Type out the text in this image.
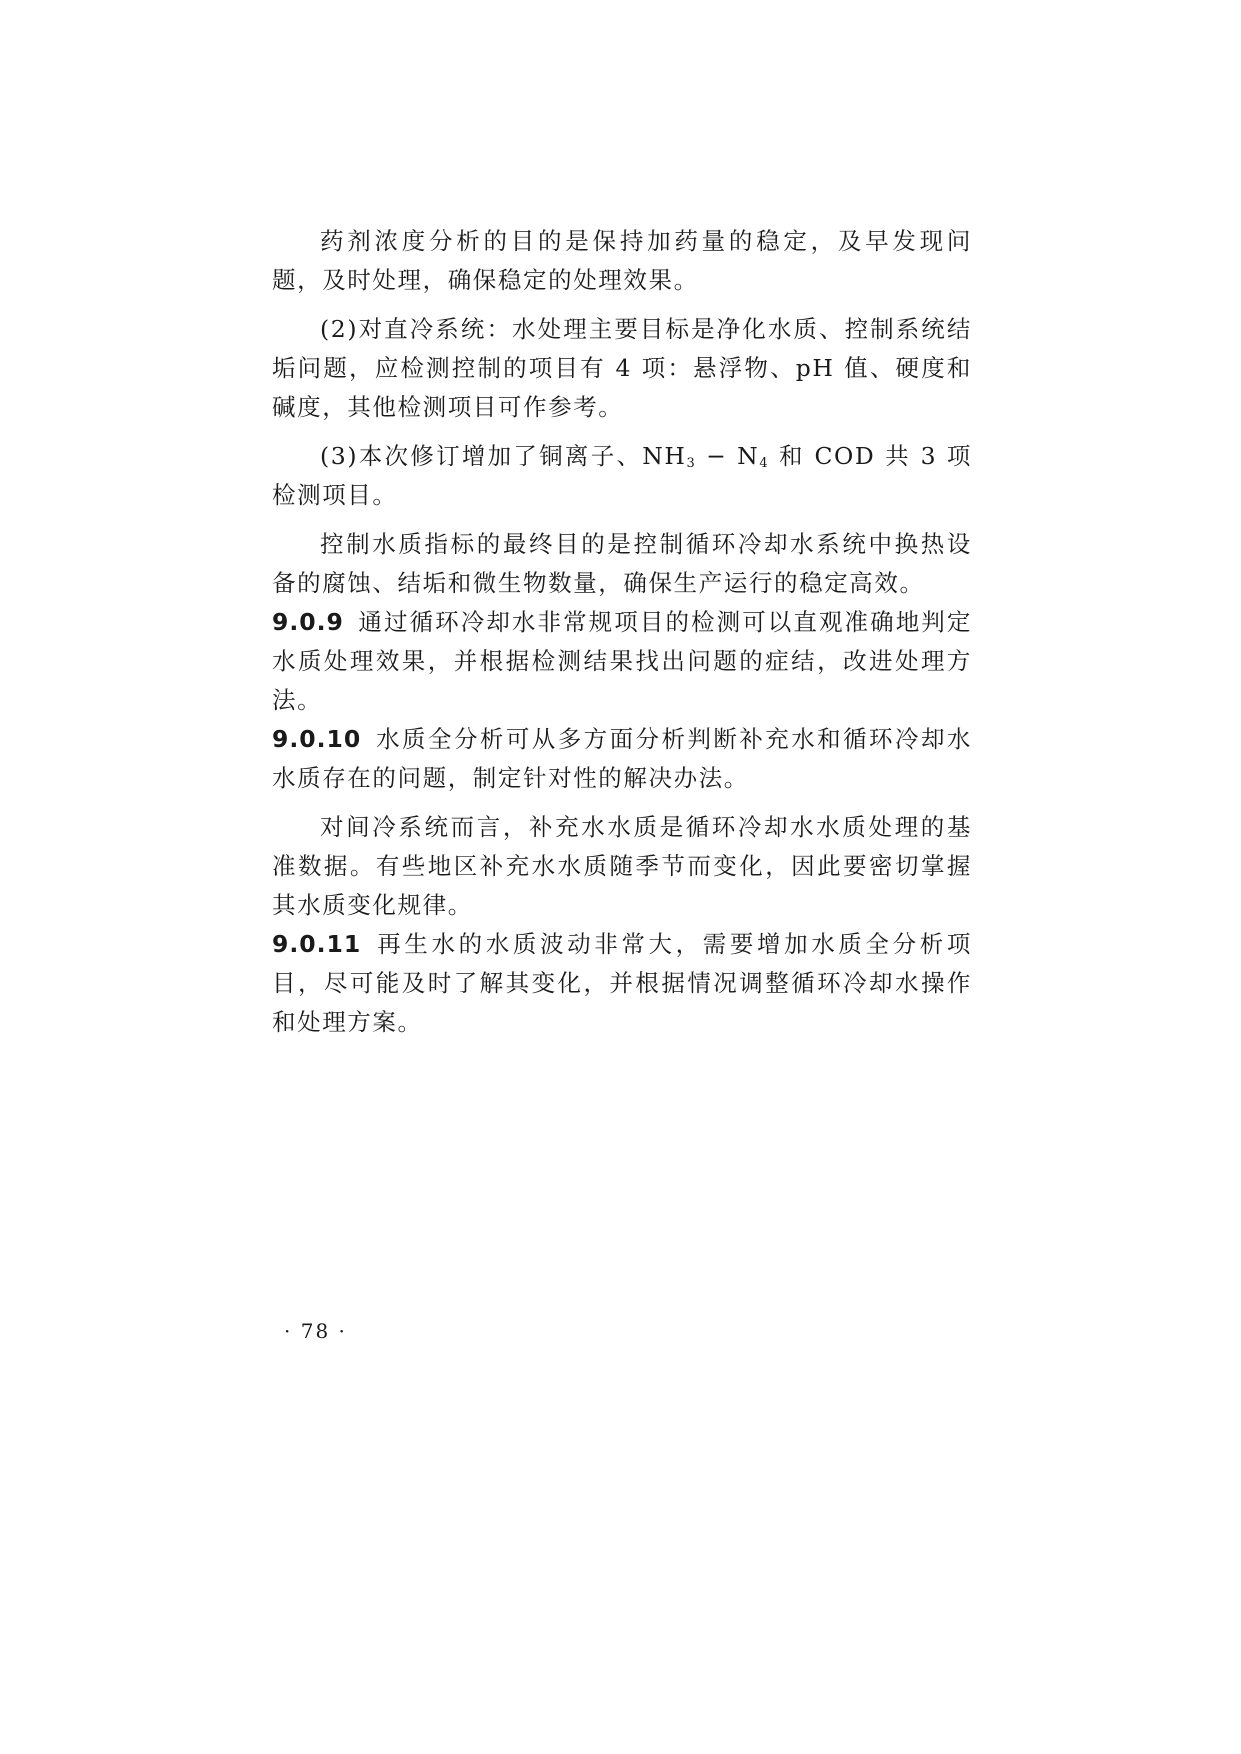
药剂浓度分析的目的是保持加药量的稳定，及早发现问题，及时处理，确保稳定的处理效果。

(2)对直冷系统：水处理主要目标是净化水质、控制系统结垢问题，应检测控制的项目有 4 项：悬浮物、pH 值、硬度和碱度，其他检测项目可作参考。

(3)本次修订增加了铜离子、$NH_3 - N_4$ 和 COD 共 3 项检测项目。

控制水质指标的最终目的是控制循环冷却水系统中换热设备的腐蚀、结垢和微生物数量，确保生产运行的稳定高效。

9.0.9 通过循环冷却水非常规项目的检测可以直观准确地判定水质处理效果，并根据检测结果找出问题的症结，改进处理方法。

9.0.10 水质全分析可从多方面分析判断补充水和循环冷却水水质存在的问题，制定针对性的解决办法。

对间冷系统而言，补充水水质是循环冷却水水质处理的基准数据。有些地区补充水水质随季节而变化，因此要密切掌握其水质变化规律。

9.0.11 再生水的水质波动非常大，需要增加水质全分析项目，尽可能及时了解其变化，并根据情况调整循环冷却水操作和处理方案。

· 78 ·
